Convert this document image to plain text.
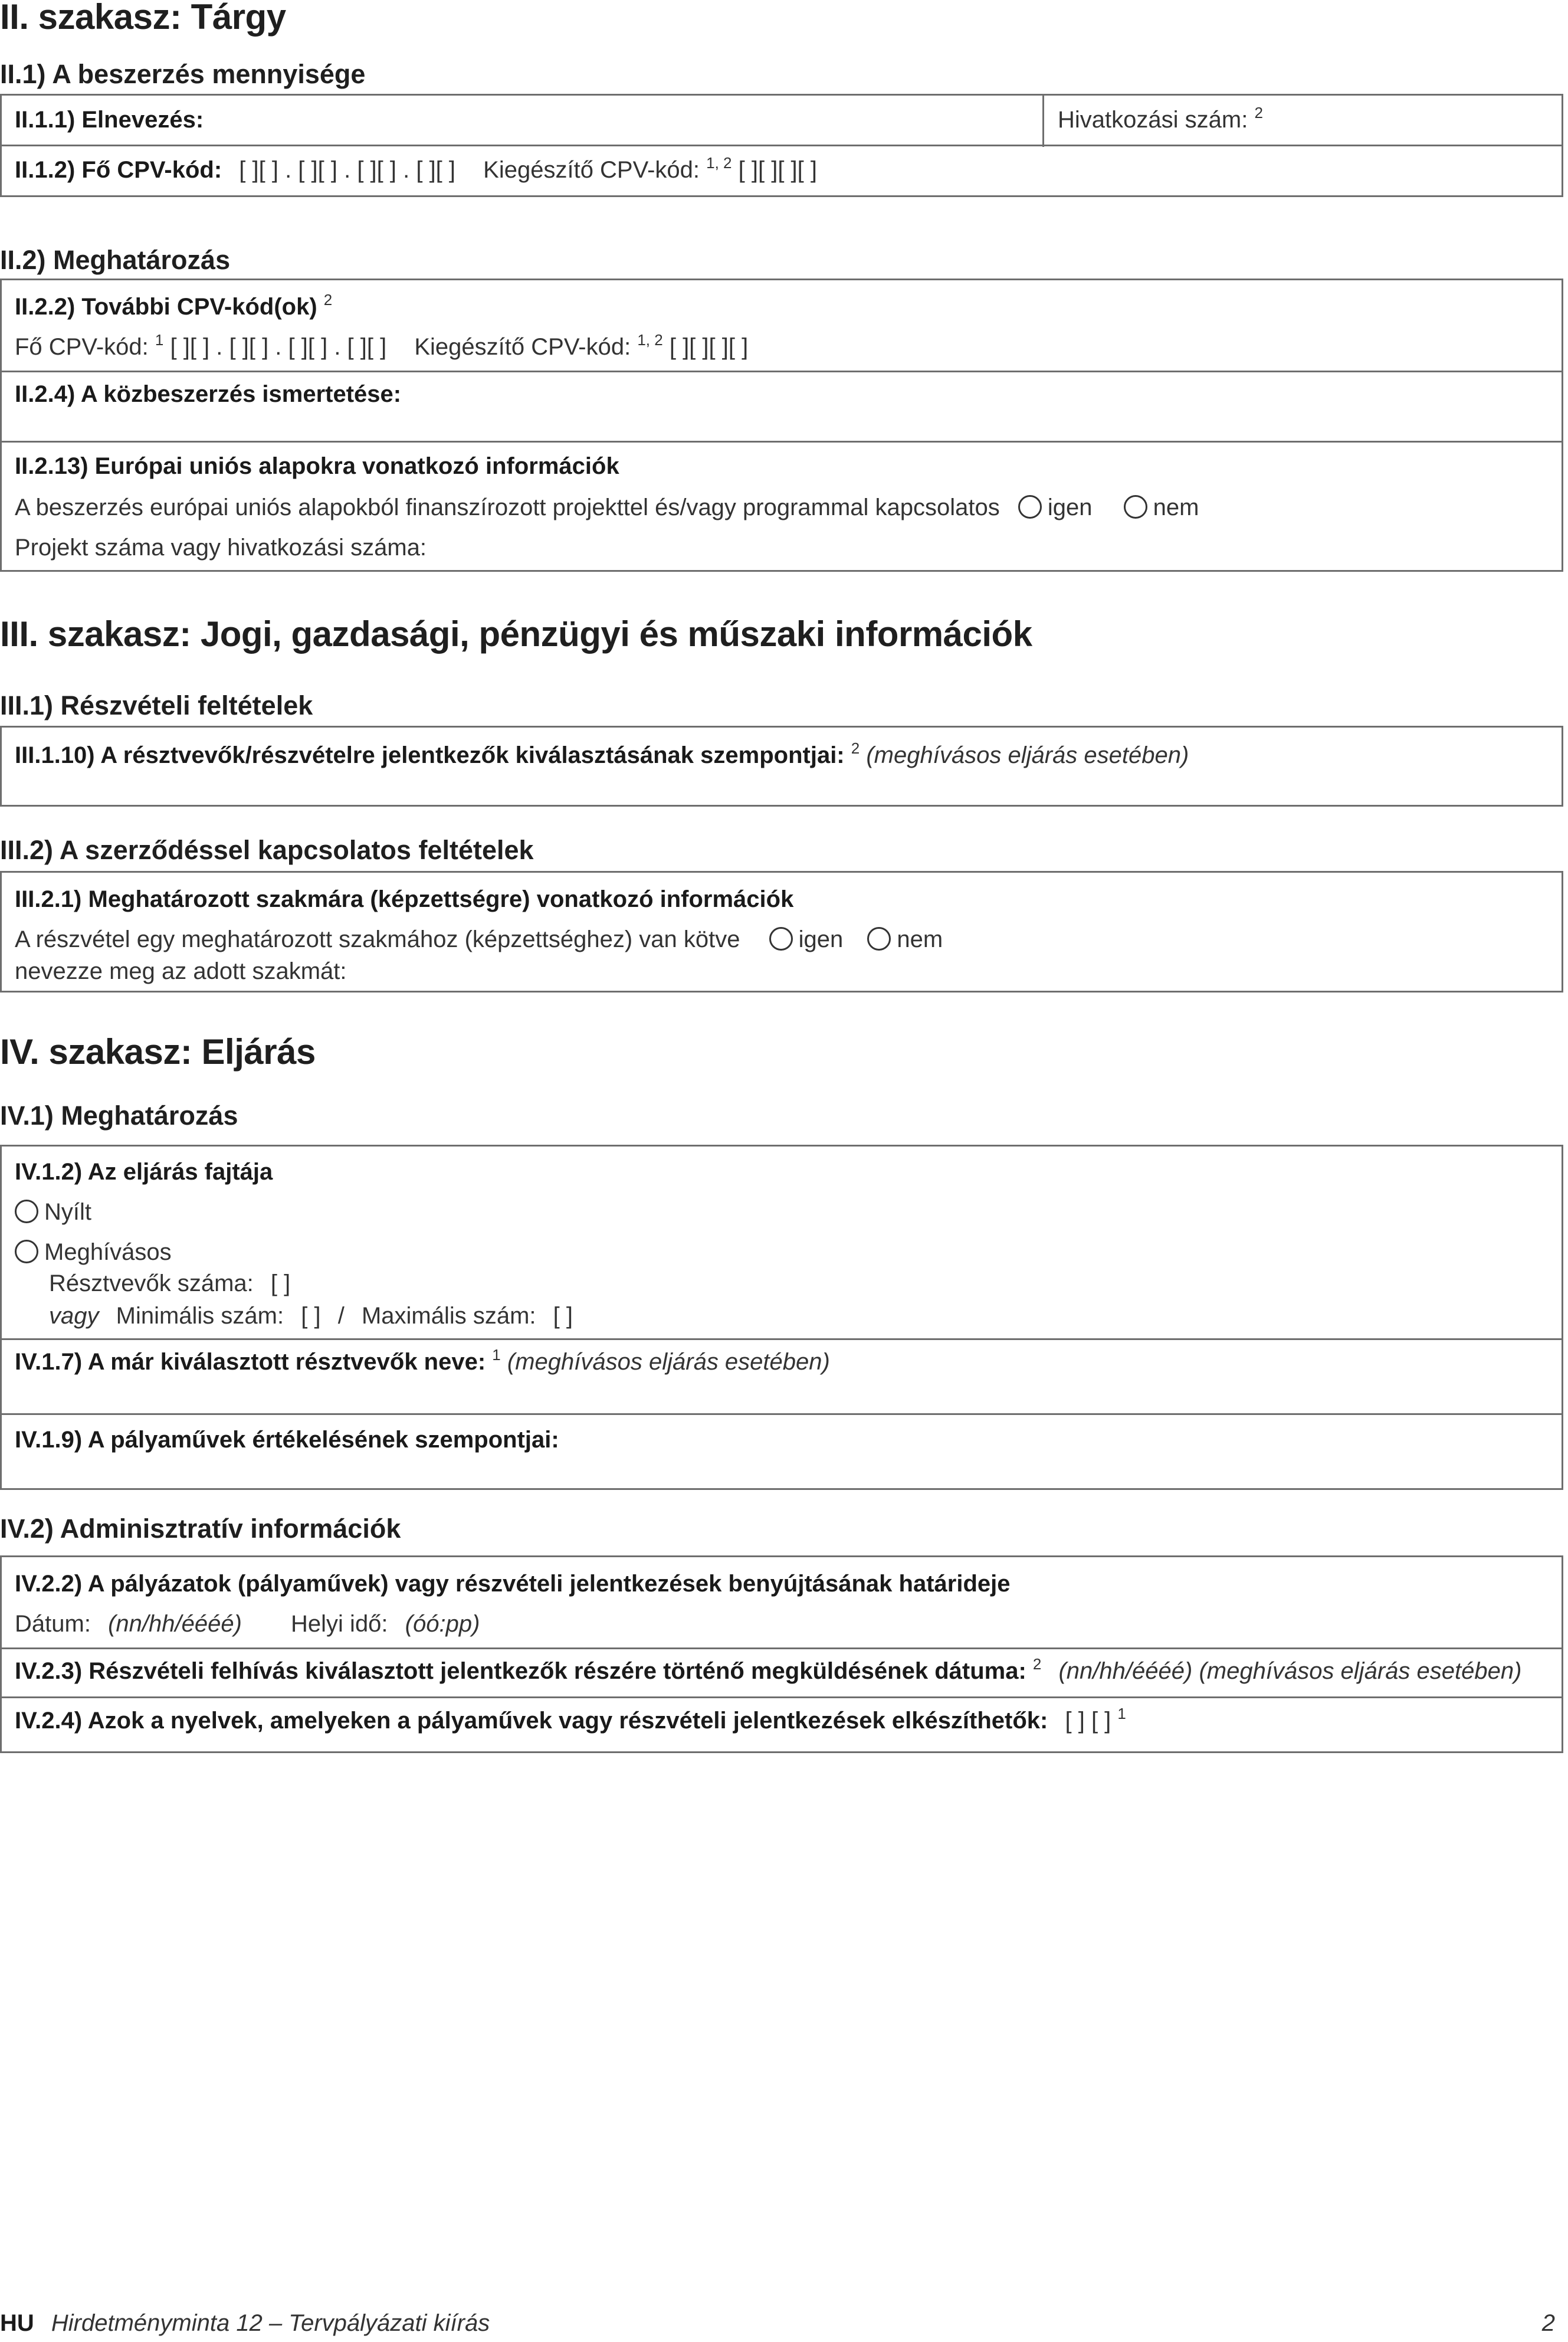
II. szakasz: Tárgy
II.1) A beszerzés mennyisége
II.1.1) Elnevezés:	Hivatkozási szám: $^2$
II.1.2) Fő CPV-kód: [ ][ ] . [ ][ ] . [ ][ ] . [ ][ ] Kiegészítő CPV-kód: $^{1, 2}$ [ ][ ][ ][ ]
II.2) Meghatározás
II.2.2) További CPV-kód(ok) $^2$
Fő CPV-kód: $^1$ [ ][ ] . [ ][ ] . [ ][ ] . [ ][ ] Kiegészítő CPV-kód: $^{1, 2}$ [ ][ ][ ][ ]
II.2.4) A közbeszerzés ismertetése:
II.2.13) Európai uniós alapokra vonatkozó információk
A beszerzés európai uniós alapokból finanszírozott projekttel és/vagy programmal kapcsolatos igen	nem
Projekt száma vagy hivatkozási száma:
III. szakasz: Jogi, gazdasági, pénzügyi és műszaki információk
III.1) Részvételi feltételek
III.1.10) A résztvevők/részvételre jelentkezők kiválasztásának szempontjai: $^2$ (meghívásos eljárás esetében)
III.2) A szerződéssel kapcsolatos feltételek
III.2.1) Meghatározott szakmára (képzettségre) vonatkozó információk
A részvétel egy meghatározott szakmához (képzettséghez) van kötve igen nem
nevezze meg az adott szakmát:
IV. szakasz: Eljárás
IV.1) Meghatározás
IV.1.2) Az eljárás fajtája
Nyílt
Meghívásos
Résztvevők száma: [ ]
vagy Minimális szám: [ ] / Maximális szám: [ ]
IV.1.7) A már kiválasztott résztvevők neve: $^1$ (meghívásos eljárás esetében)
IV.1.9) A pályaművek értékelésének szempontjai:
IV.2) Adminisztratív információk
IV.2.2) A pályázatok (pályaművek) vagy részvételi jelentkezések benyújtásának határideje
Dátum: (nn/hh/éééé) Helyi idő: (óó:pp)
IV.2.3) Részvételi felhívás kiválasztott jelentkezők részére történő megküldésének dátuma: $^2$ (nn/hh/éééé) (meghívásos eljárás esetében)
IV.2.4) Azok a nyelvek, amelyeken a pályaművek vagy részvételi jelentkezések elkészíthetők: [ ] [ ] $^1$
HU Hirdetményminta 12 – Tervpályázati kiírás	2
